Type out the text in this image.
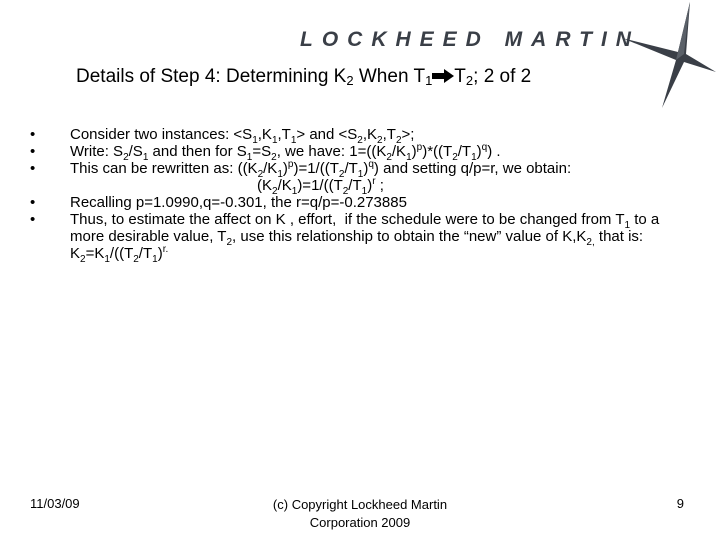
LOCKHEED MARTIN
Details of Step 4: Determining $K_2$ When $T_1$ $T_2$; 2 of 2
• Consider two instances: $<S_1,K_1,T_1>$ and $<S_2,K_2,T_2>$;
• Write: $S_2/S_1$ and then for $S_1=S_2$, we have: $1=((K_2/K_1)^p)*((T_2/T_1)^q)$ .
• This can be rewritten as: $((K_2/K_1)^p)=1/((T_2/T_1)^q)$ and setting q/p=r, we obtain:
$(K_2/K_1)=1/((T_2/T_1)^r$ ;
• Recalling p=1.0990,q=-0.301, the r=q/p=-0.273885
• Thus, to estimate the affect on K , effort,  if the schedule were to be changed from $T_1$ to a more desirable value, $T_2$, use this relationship to obtain the “new” value of $K,K_{2,}$ that is: $K_2=K_1/((T_2/T_1)^{r.}$
11/03/09	(c) Copyright Lockheed Martin
Corporation 2009
9
